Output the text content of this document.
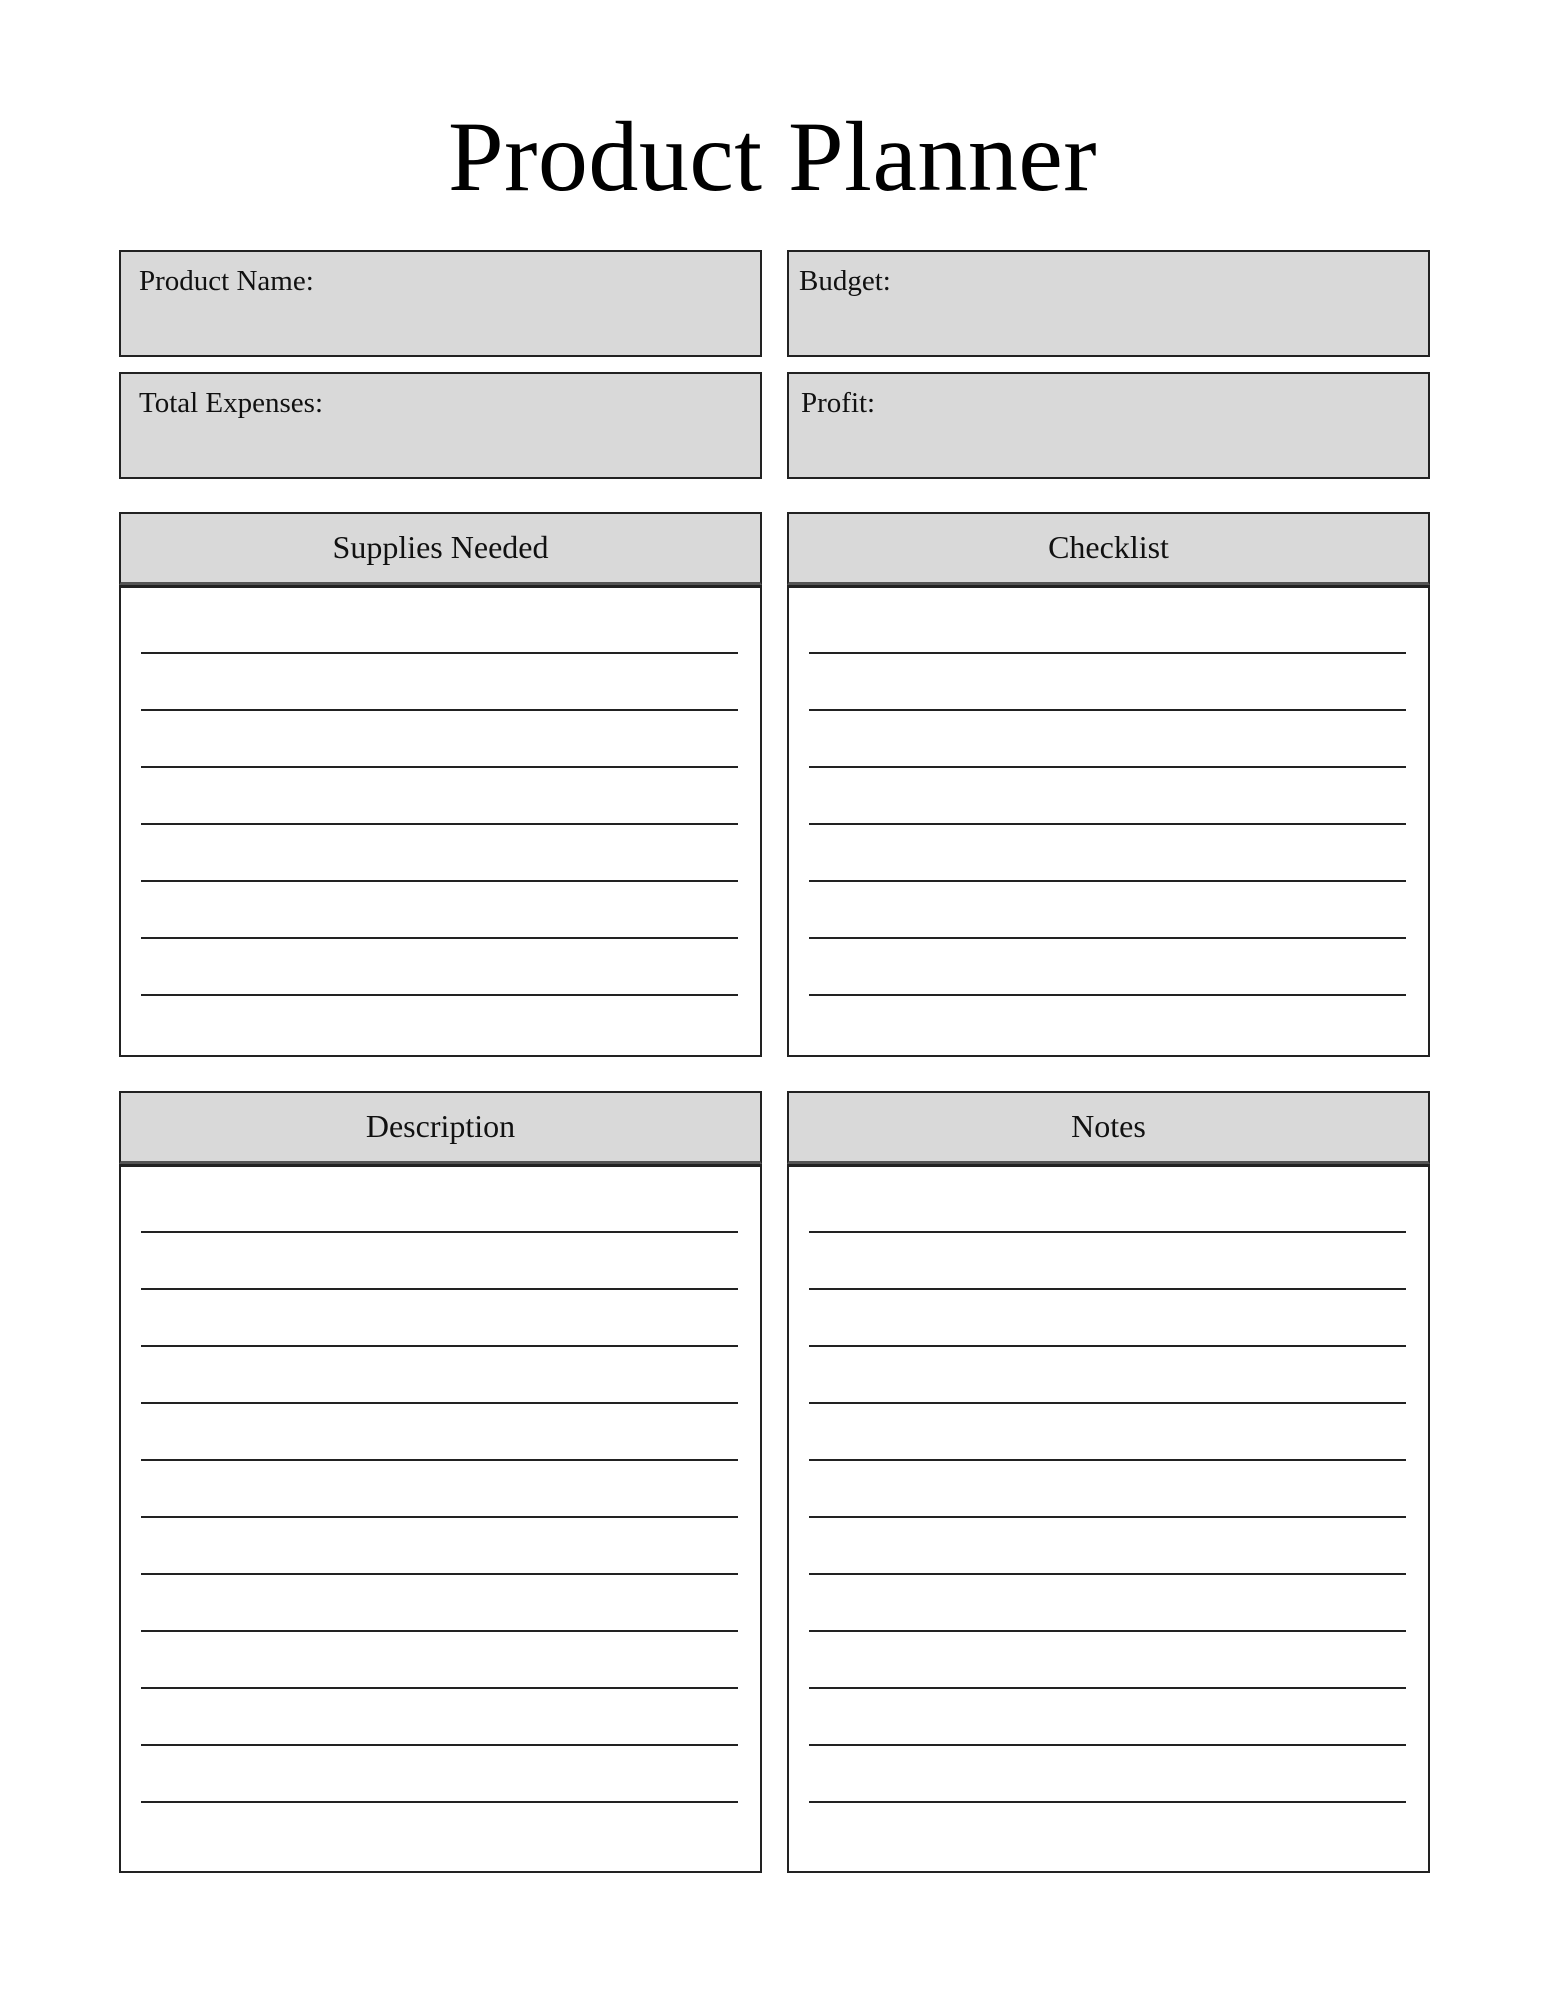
Product Planner
Product Name:	Budget:
Total Expenses:	Profit:
Supplies Needed	Checklist
Description	Notes
